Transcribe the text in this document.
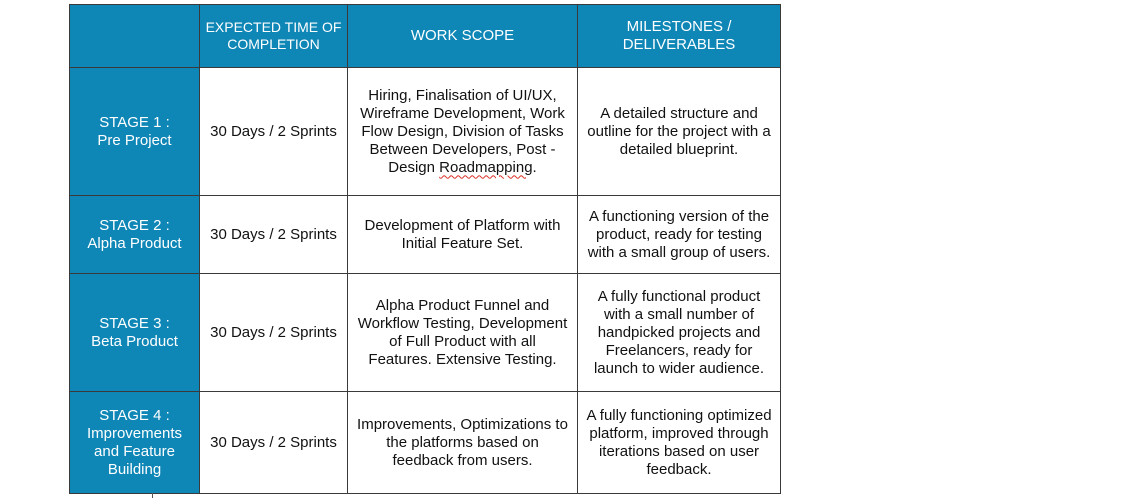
	EXPECTED TIME OF
COMPLETION	WORK SCOPE	MILESTONES /
DELIVERABLES

STAGE 1 :
Pre Project	30 Days / 2 Sprints	Hiring, Finalisation of UI/UX,
Wireframe Development, Work
Flow Design, Division of Tasks
Between Developers, Post -
Design Roadmapping.	A detailed structure and
outline for the project with a
detailed blueprint.

STAGE 2 :
Alpha Product	30 Days / 2 Sprints	Development of Platform with
Initial Feature Set.	A functioning version of the
product, ready for testing
with a small group of users.

STAGE 3 :
Beta Product	30 Days / 2 Sprints	Alpha Product Funnel and
Workflow Testing, Development
of Full Product with all
Features. Extensive Testing.	A fully functional product
with a small number of
handpicked projects and
Freelancers, ready for
launch to wider audience.

STAGE 4 :
Improvements
and Feature
Building	30 Days / 2 Sprints	Improvements, Optimizations to
the platforms based on
feedback from users.	A fully functioning optimized
platform, improved through
iterations based on user
feedback.
